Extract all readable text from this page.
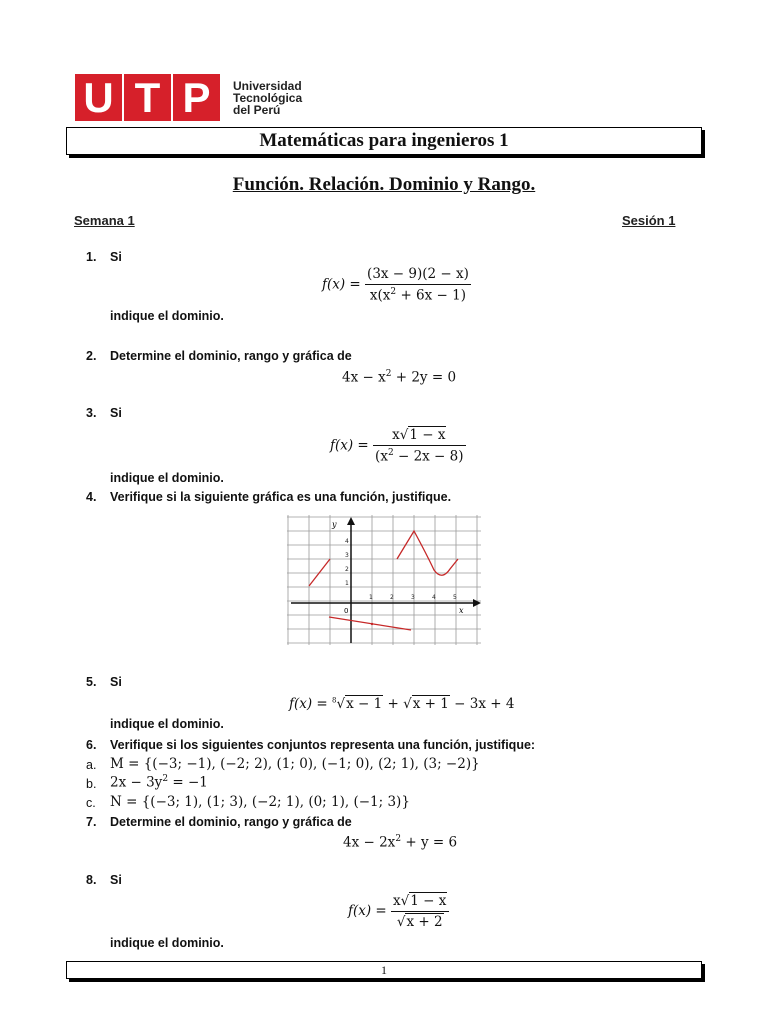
U T P	Universidad
Tecnológica
del Perú
Matemáticas para ingenieros 1
Función. Relación. Dominio y Rango.
Semana 1	Sesión 1
1. Si
$f(x) = \frac{(3x - 9)(2 - x)}{x(x^2 + 6x - 1)}$
indique el dominio.
2. Determine el dominio, rango y gráfica de
$4x - x^2 + 2y = 0$
3. Si
$f(x) = \frac{x√1 - x}{(x^2 - 2x - 8)}$
indique el dominio.
4. Verifique si la siguiente gráfica es una función, justifique.
x
y
0
1	2	3	4	5
1
2
3
4
5. Si
f(x) = $^8$√x − 1 + √x + 1 − 3x + 4
indique el dominio.
6. Verifique si los siguientes conjuntos representa una función, justifique:
a. M = {(−3; −1), (−2; 2), (1; 0), (−1; 0), (2; 1), (3; −2)}
b. $2x - 3y^2 = -1$
c. N = {(−3; 1), (1; 3), (−2; 1), (0; 1), (−1; 3)}
7. Determine el dominio, rango y gráfica de
$4x - 2x^2 + y = 6$
8. Si
$f(x) = \frac{x√1 - x}{√x + 2}$
indique el dominio.
1
